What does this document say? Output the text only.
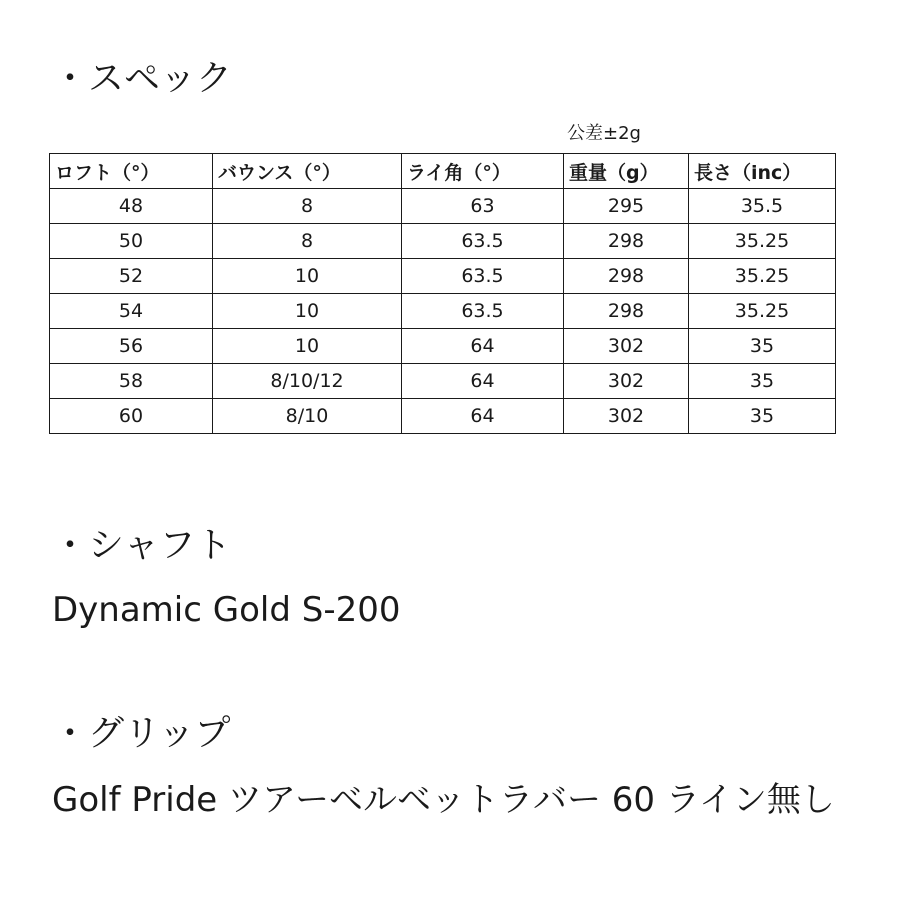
・スペック
公差±2g
ロフト（°）	バウンス（°）	ライ角（°）	重量（g）	長さ（inc）
48	8	63	295	35.5
50	8	63.5	298	35.25
52	10	63.5	298	35.25
54	10	63.5	298	35.25
56	10	64	302	35
58	8/10/12	64	302	35
60	8/10	64	302	35
・シャフト
Dynamic Gold S-200
・グリップ
Golf Pride ツアーベルベットラバー 60 ライン無し
